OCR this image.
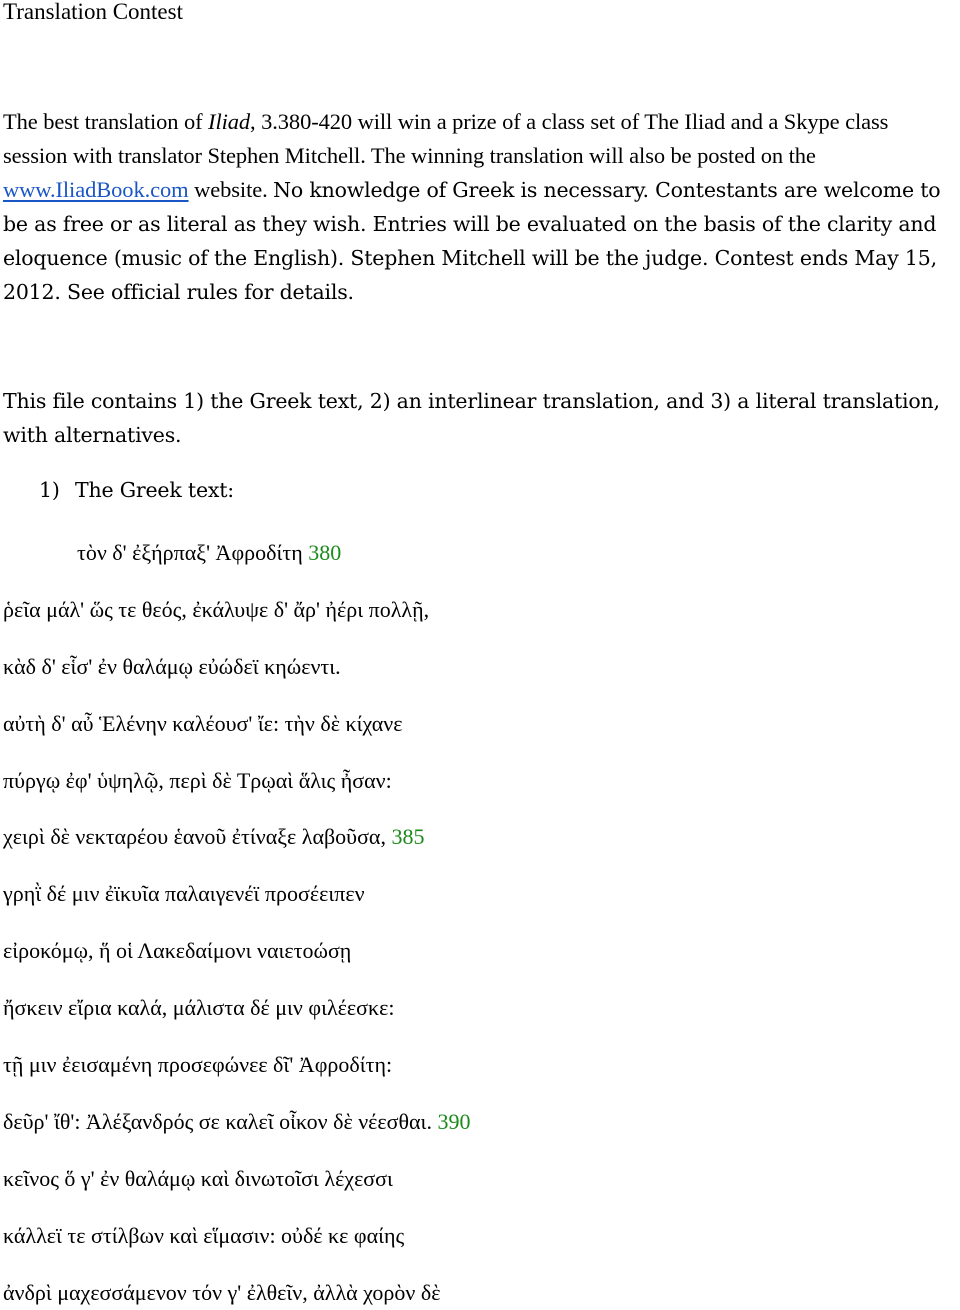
Translation Contest
The best translation of Iliad, 3.380-420 will win a prize of a class set of The Iliad and a Skype class session with translator Stephen Mitchell. The winning translation will also be posted on the www.IliadBook.com website. No knowledge of Greek is necessary. Contestants are welcome to be as free or as literal as they wish. Entries will be evaluated on the basis of the clarity and eloquence (music of the English). Stephen Mitchell will be the judge. Contest ends May 15, 2012. See official rules for details.
This file contains 1) the Greek text, 2) an interlinear translation, and 3) a literal translation, with alternatives.
1) The Greek text:
τὸν δ' ἐξήρπαξ' Ἀφροδίτη 380
ῥεῖα μάλ' ὥς τε θεός, ἐκάλυψε δ' ἄρ' ἠέρι πολλῇ,
κὰδ δ' εἷσ' ἐν θαλάμῳ εὐώδεϊ κηώεντι.
αὐτὴ δ' αὖ Ἑλένην καλέουσ' ἴε: τὴν δὲ κίχανε
πύργῳ ἐφ' ὑψηλῷ, περὶ δὲ Τρῳαὶ ἅλις ἦσαν:
χειρὶ δὲ νεκταρέου ἑανοῦ ἐτίναξε λαβοῦσα, 385
γρηῒ δέ μιν ἐϊκυῖα παλαιγενέϊ προσέειπεν
εἰροκόμῳ, ἥ οἱ Λακεδαίμονι ναιετοώσῃ
ἤσκειν εἴρια καλά, μάλιστα δέ μιν φιλέεσκε:
τῇ μιν ἐεισαμένη προσεφώνεε δῖ' Ἀφροδίτη:
δεῦρ' ἴθ': Ἀλέξανδρός σε καλεῖ οἶκον δὲ νέεσθαι. 390
κεῖνος ὅ γ' ἐν θαλάμῳ καὶ δινωτοῖσι λέχεσσι
κάλλεϊ τε στίλβων καὶ εἵμασιν: οὐδέ κε φαίης
ἀνδρὶ μαχεσσάμενον τόν γ' ἐλθεῖν, ἀλλὰ χορὸν δὲ
